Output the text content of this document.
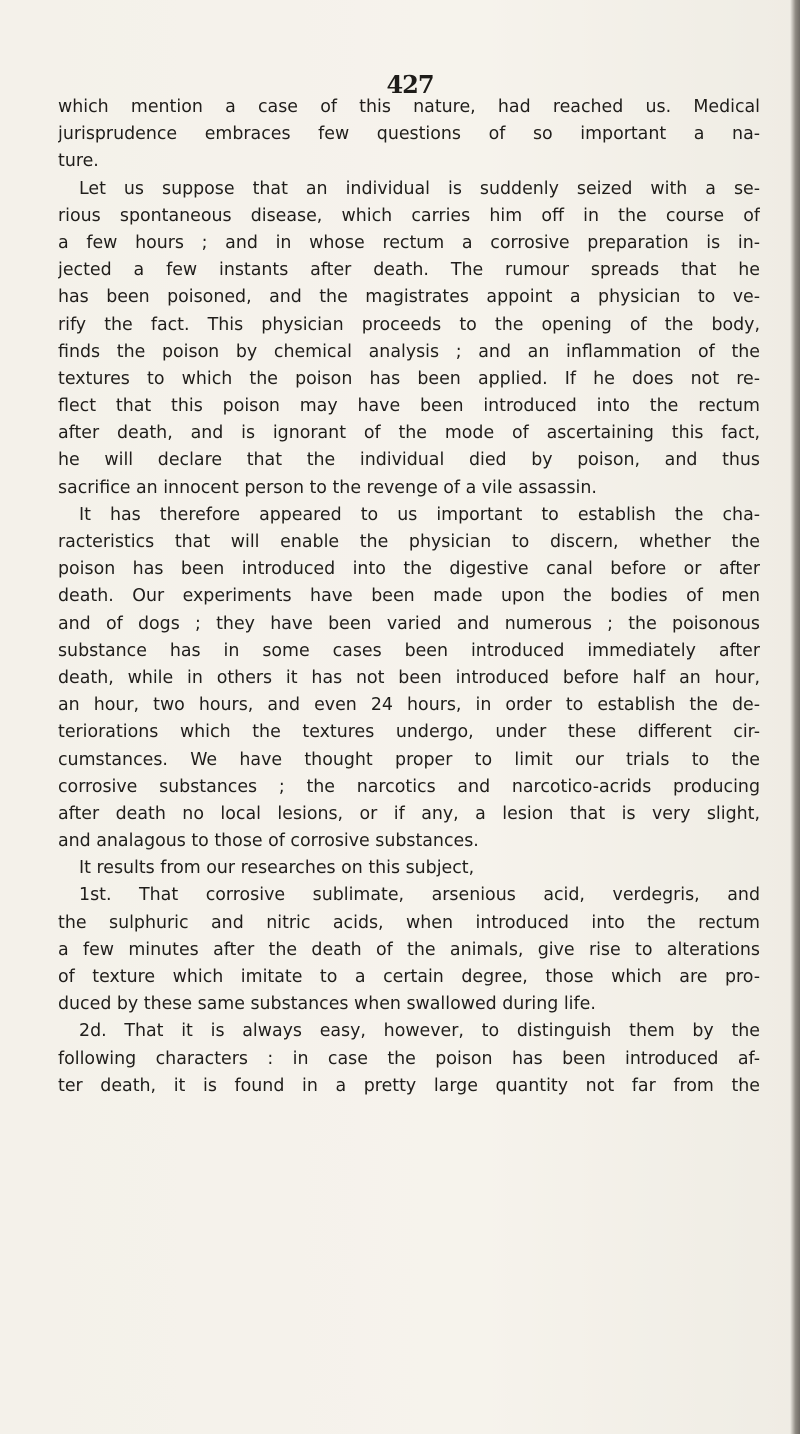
427
which mention a case of this nature, had reached us. Medical
jurisprudence embraces few questions of so important a na-
ture.
Let us suppose that an individual is suddenly seized with a se-
rious spontaneous disease, which carries him off in the course of
a few hours ; and in whose rectum a corrosive preparation is in-
jected a few instants after death. The rumour spreads that he
has been poisoned, and the magistrates appoint a physician to ve-
rify the fact. This physician proceeds to the opening of the body,
finds the poison by chemical analysis ; and an inflammation of the
textures to which the poison has been applied. If he does not re-
flect that this poison may have been introduced into the rectum
after death, and is ignorant of the mode of ascertaining this fact,
he will declare that the individual died by poison, and thus
sacrifice an innocent person to the revenge of a vile assassin.
It has therefore appeared to us important to establish the cha-
racteristics that will enable the physician to discern, whether the
poison has been introduced into the digestive canal before or after
death. Our experiments have been made upon the bodies of men
and of dogs ; they have been varied and numerous ; the poisonous
substance has in some cases been introduced immediately after
death, while in others it has not been introduced before half an hour,
an hour, two hours, and even 24 hours, in order to establish the de-
teriorations which the textures undergo, under these different cir-
cumstances. We have thought proper to limit our trials to the
corrosive substances ; the narcotics and narcotico-acrids producing
after death no local lesions, or if any, a lesion that is very slight,
and analagous to those of corrosive substances.
It results from our researches on this subject,
1st. That corrosive sublimate, arsenious acid, verdegris, and
the sulphuric and nitric acids, when introduced into the rectum
a few minutes after the death of the animals, give rise to alterations
of texture which imitate to a certain degree, those which are pro-
duced by these same substances when swallowed during life.
2d. That it is always easy, however, to distinguish them by the
following characters : in case the poison has been introduced af-
ter death, it is found in a pretty large quantity not far from the
